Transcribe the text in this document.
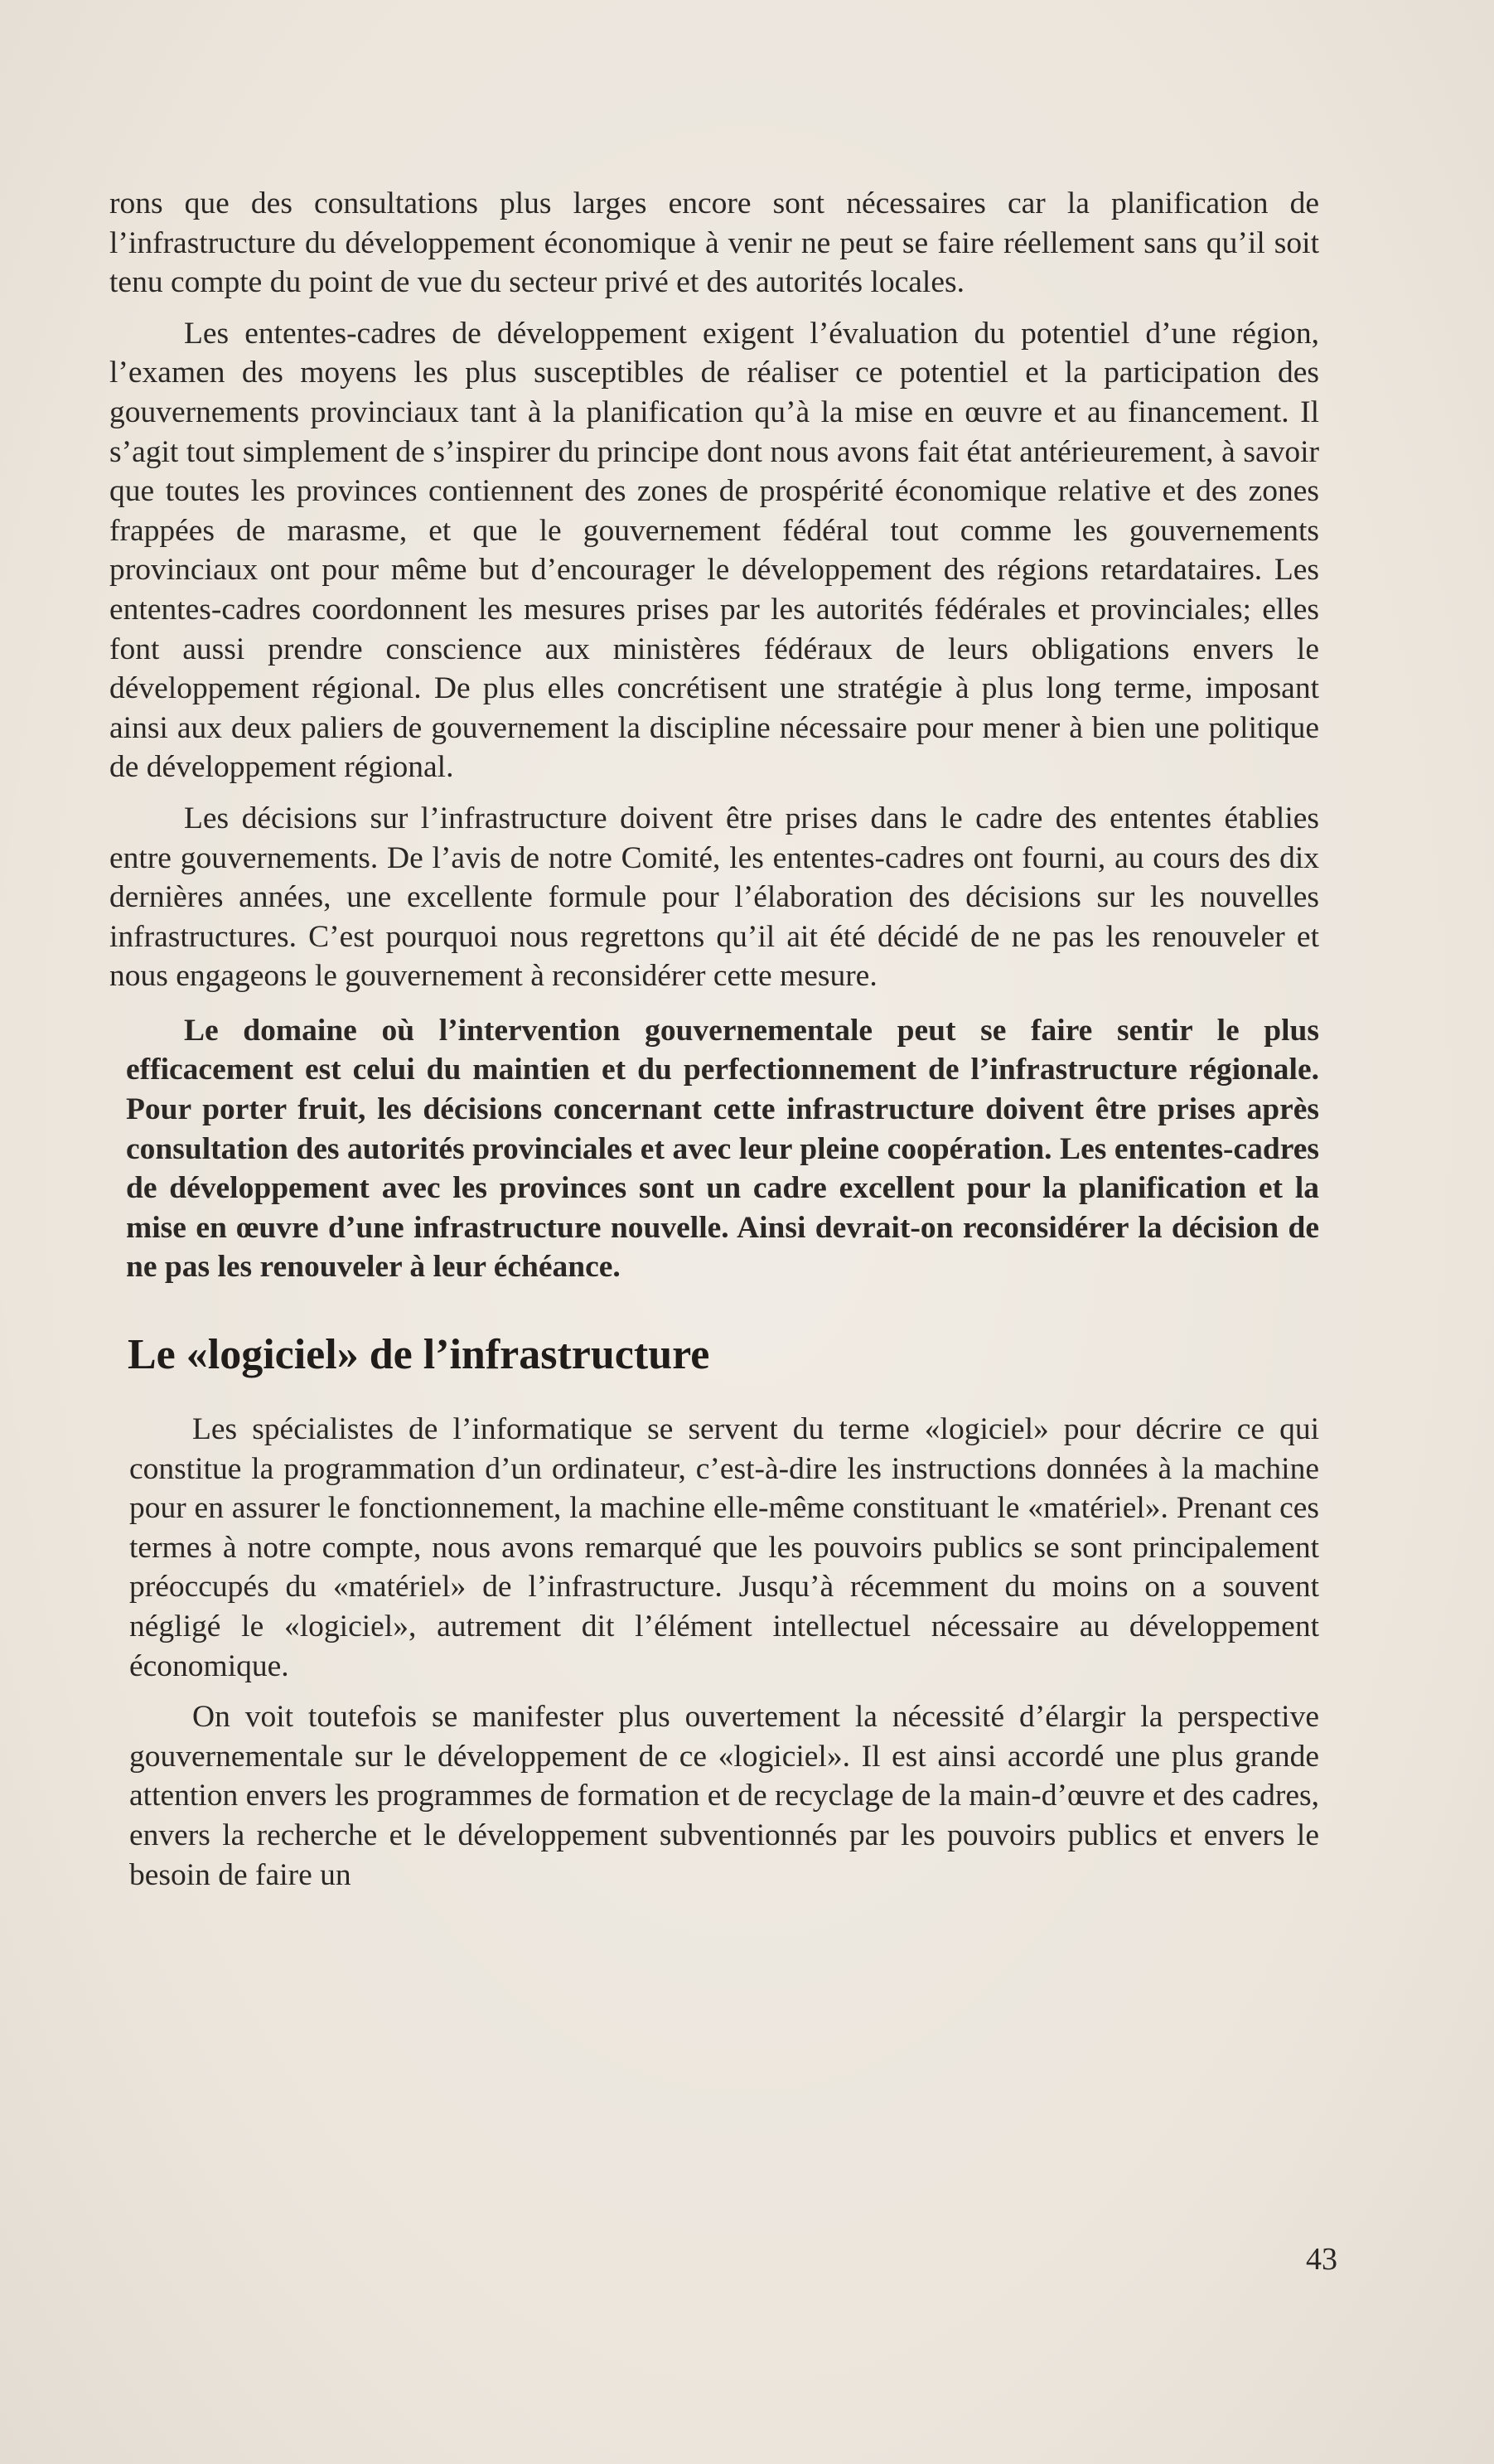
rons que des consultations plus larges encore sont nécessaires car la planification de l’infrastructure du développement économique à venir ne peut se faire réellement sans qu’il soit tenu compte du point de vue du secteur privé et des autorités locales.

Les ententes-cadres de développement exigent l’évaluation du potentiel d’une région, l’examen des moyens les plus susceptibles de réaliser ce potentiel et la participation des gouvernements provinciaux tant à la planification qu’à la mise en œuvre et au financement. Il s’agit tout simplement de s’inspirer du principe dont nous avons fait état antérieurement, à savoir que toutes les provinces contiennent des zones de prospérité économique relative et des zones frappées de marasme, et que le gouvernement fédéral tout comme les gouvernements provinciaux ont pour même but d’encourager le développement des régions retardataires. Les ententes-cadres coordonnent les mesures prises par les autorités fédérales et provinciales; elles font aussi prendre conscience aux ministères fédéraux de leurs obligations envers le développement régional. De plus elles concrétisent une stratégie à plus long terme, imposant ainsi aux deux paliers de gouvernement la discipline nécessaire pour mener à bien une politique de développement régional.

Les décisions sur l’infrastructure doivent être prises dans le cadre des ententes établies entre gouvernements. De l’avis de notre Comité, les ententes-cadres ont fourni, au cours des dix dernières années, une excellente formule pour l’élaboration des décisions sur les nouvelles infrastructures. C’est pourquoi nous regrettons qu’il ait été décidé de ne pas les renouveler et nous engageons le gouvernement à reconsidérer cette mesure.

Le domaine où l’intervention gouvernementale peut se faire sentir le plus efficacement est celui du maintien et du perfectionnement de l’infrastructure régionale. Pour porter fruit, les décisions concernant cette infrastructure doivent être prises après consultation des autorités provinciales et avec leur pleine coopération. Les ententes-cadres de développement avec les provinces sont un cadre excellent pour la planification et la mise en œuvre d’une infrastructure nouvelle. Ainsi devrait-on reconsidérer la décision de ne pas les renouveler à leur échéance.

Le «logiciel» de l’infrastructure

Les spécialistes de l’informatique se servent du terme «logiciel» pour décrire ce qui constitue la programmation d’un ordinateur, c’est-à-dire les instructions données à la machine pour en assurer le fonctionnement, la machine elle-même constituant le «matériel». Prenant ces termes à notre compte, nous avons remarqué que les pouvoirs publics se sont principalement préoccupés du «matériel» de l’infrastructure. Jusqu’à récemment du moins on a souvent négligé le «logiciel», autrement dit l’élément intellectuel nécessaire au développement économique.

On voit toutefois se manifester plus ouvertement la nécessité d’élargir la perspective gouvernementale sur le développement de ce «logiciel». Il est ainsi accordé une plus grande attention envers les programmes de formation et de recyclage de la main-d’œuvre et des cadres, envers la recherche et le développement subventionnés par les pouvoirs publics et envers le besoin de faire un

43
